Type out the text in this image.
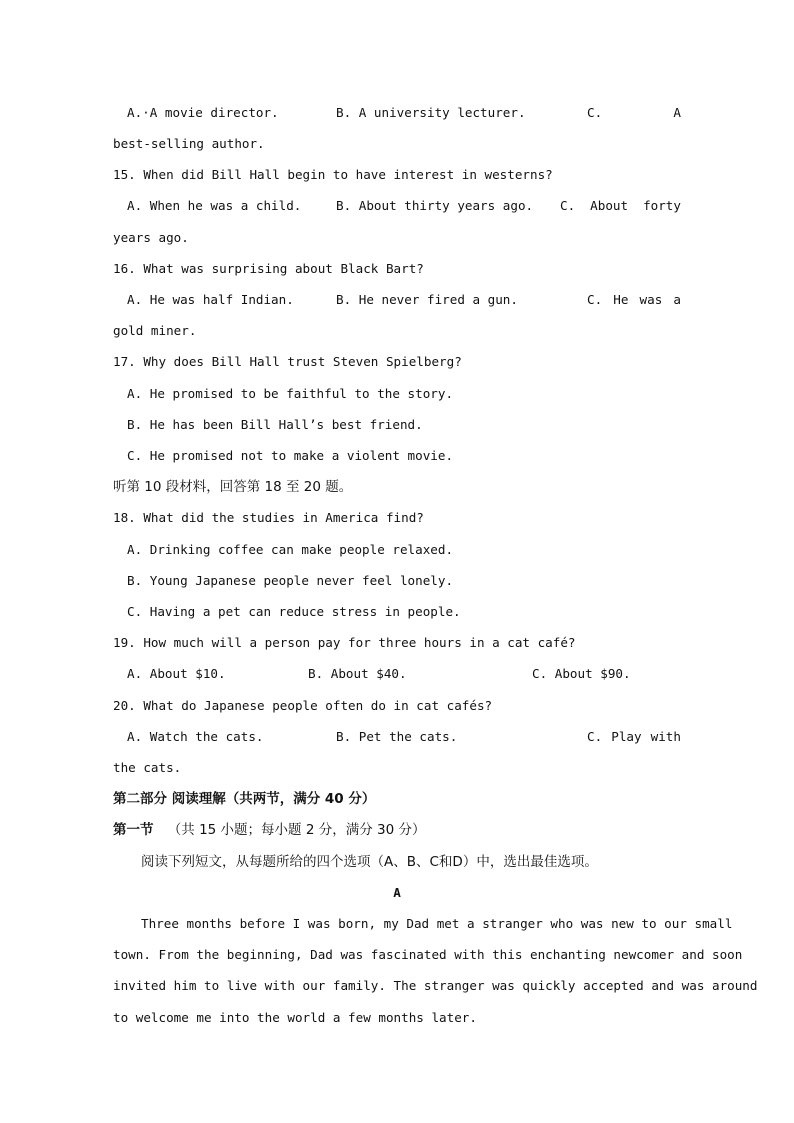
A.·A movie director.	B. A university lecturer.	C.	A
best-selling author.
15. When did Bill Hall begin to have interest in westerns?
A. When he was a child.	B. About thirty years ago. C. About forty
years ago.
16. What was surprising about Black Bart?
A. He was half Indian.	B. He never fired a gun.	C. He was a
gold miner.
17. Why does Bill Hall trust Steven Spielberg?
A. He promised to be faithful to the story.
B. He has been Bill Hall’s best friend.
C. He promised not to make a violent movie.
听第 10 段材料，回答第 18 至 20 题。
18. What did the studies in America find?
A. Drinking coffee can make people relaxed.
B. Young Japanese people never feel lonely.
C. Having a pet can reduce stress in people.
19. How much will a person pay for three hours in a cat café?
A. About $10.	B. About $40.	C. About $90.
20. What do Japanese people often do in cat cafés?
A. Watch the cats.	B. Pet the cats.	C. Play with
the cats.
第二部分 阅读理解（共两节，满分 40 分）
第一节 （共 15 小题；每小题 2 分，满分 30 分）
阅读下列短文，从每题所给的四个选项（A、B、C和D）中，选出最佳选项。
A
Three months before I was born, my Dad met a stranger who was new to our small
town. From the beginning, Dad was fascinated with this enchanting newcomer and soon
invited him to live with our family. The stranger was quickly accepted and was around
to welcome me into the world a few months later.
